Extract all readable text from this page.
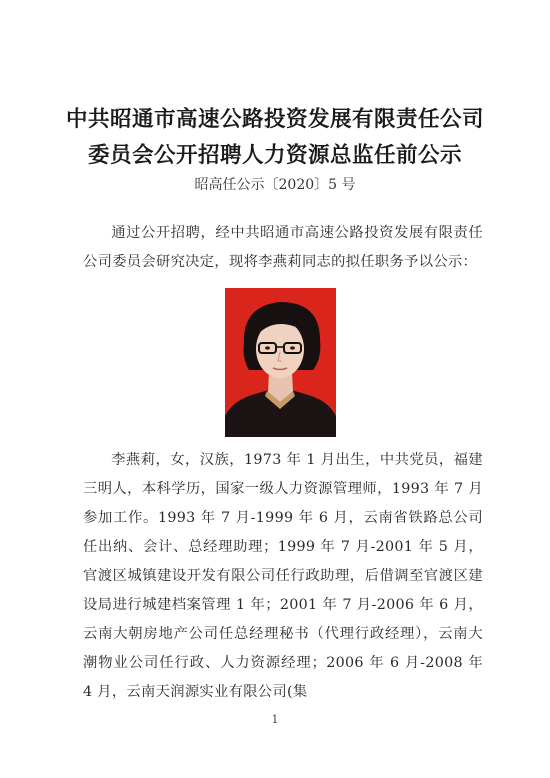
中共昭通市高速公路投资发展有限责任公司
委员会公开招聘人力资源总监任前公示
昭高任公示〔2020〕5 号
通过公开招聘，经中共昭通市高速公路投资发展有限责任公司委员会研究决定，现将李燕莉同志的拟任职务予以公示：
李燕莉，女，汉族，1973 年 1 月出生，中共党员，福建三明人，本科学历，国家一级人力资源管理师，1993 年 7 月参加工作。1993 年 7 月-1999 年 6 月，云南省铁路总公司任出纳、会计、总经理助理；1999 年 7 月-2001 年 5 月，官渡区城镇建设开发有限公司任行政助理，后借调至官渡区建设局进行城建档案管理 1 年；2001 年 7 月-2006 年 6 月，云南大朝房地产公司任总经理秘书（代理行政经理），云南大潮物业公司任行政、人力资源经理；2006 年 6 月-2008 年 4 月，云南天润源实业有限公司(集
1
